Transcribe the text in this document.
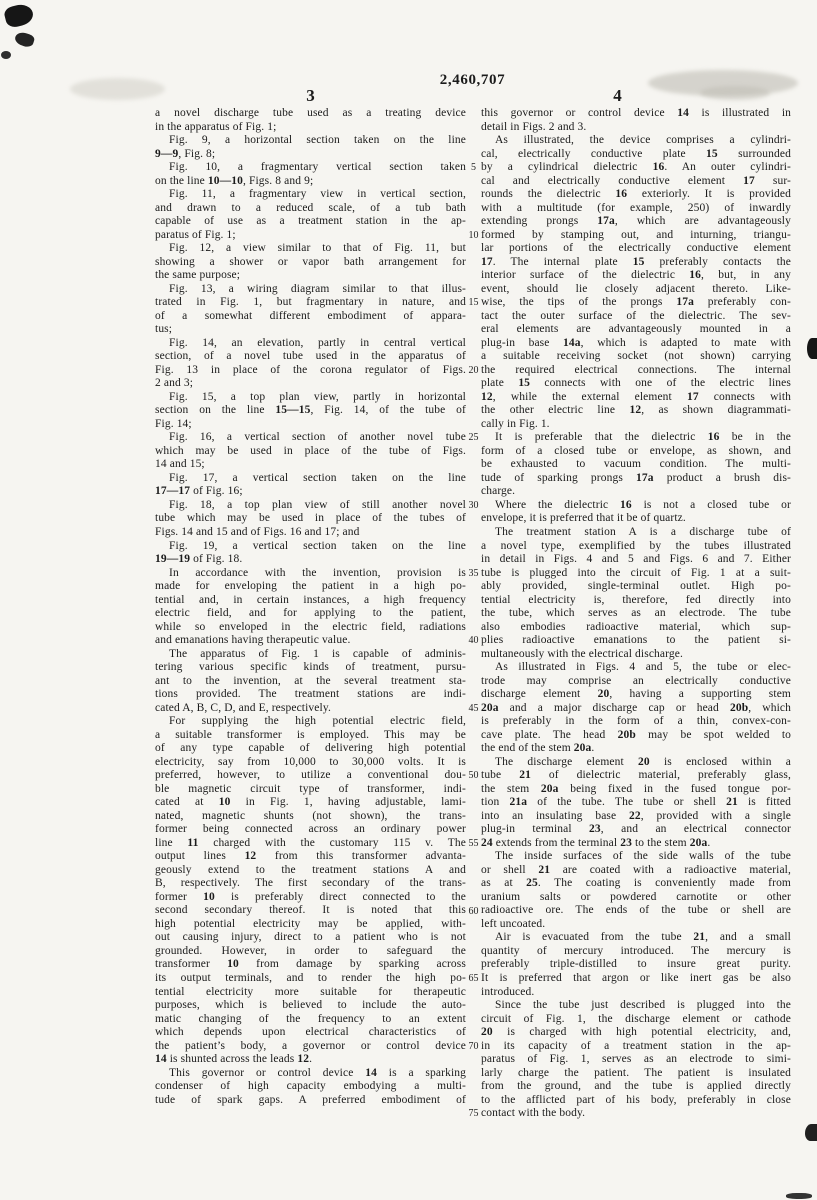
2,460,707
3	4
a novel discharge tube used as a treating device
in the apparatus of Fig. 1;
Fig. 9, a horizontal section taken on the line
9—9, Fig. 8;
Fig. 10, a fragmentary vertical section taken
on the line 10—10, Figs. 8 and 9;
Fig. 11, a fragmentary view in vertical section,
and drawn to a reduced scale, of a tub bath
capable of use as a treatment station in the ap-
paratus of Fig. 1;
Fig. 12, a view similar to that of Fig. 11, but
showing a shower or vapor bath arrangement for
the same purpose;
Fig. 13, a wiring diagram similar to that illus-
trated in Fig. 1, but fragmentary in nature, and
of a somewhat different embodiment of appara-
tus;
Fig. 14, an elevation, partly in central vertical
section, of a novel tube used in the apparatus of
Fig. 13 in place of the corona regulator of Figs.
2 and 3;
Fig. 15, a top plan view, partly in horizontal
section on the line 15—15, Fig. 14, of the tube of
Fig. 14;
Fig. 16, a vertical section of another novel tube
which may be used in place of the tube of Figs.
14 and 15;
Fig. 17, a vertical section taken on the line
17—17 of Fig. 16;
Fig. 18, a top plan view of still another novel
tube which may be used in place of the tubes of
Figs. 14 and 15 and of Figs. 16 and 17; and
Fig. 19, a vertical section taken on the line
19—19 of Fig. 18.
In accordance with the invention, provision is
made for enveloping the patient in a high po-
tential and, in certain instances, a high frequency
electric field, and for applying to the patient,
while so enveloped in the electric field, radiations
and emanations having therapeutic value.
The apparatus of Fig. 1 is capable of adminis-
tering various specific kinds of treatment, pursu-
ant to the invention, at the several treatment sta-
tions provided. The treatment stations are indi-
cated A, B, C, D, and E, respectively.
For supplying the high potential electric field,
a suitable transformer is employed. This may be
of any type capable of delivering high potential
electricity, say from 10,000 to 30,000 volts. It is
preferred, however, to utilize a conventional dou-
ble magnetic circuit type of transformer, indi-
cated at 10 in Fig. 1, having adjustable, lami-
nated, magnetic shunts (not shown), the trans-
former being connected across an ordinary power
line 11 charged with the customary 115 v. The
output lines 12 from this transformer advanta-
geously extend to the treatment stations A and
B, respectively. The first secondary of the trans-
former 10 is preferably direct connected to the
second secondary thereof. It is noted that this
high potential electricity may be applied, with-
out causing injury, direct to a patient who is not
grounded. However, in order to safeguard the
transformer 10 from damage by sparking across
its output terminals, and to render the high po-
tential electricity more suitable for therapeutic
purposes, which is believed to include the auto-
matic changing of the frequency to an extent
which depends upon electrical characteristics of
the patient’s body, a governor or control device
14 is shunted across the leads 12.
This governor or control device 14 is a sparking
condenser of high capacity embodying a multi-
tude of spark gaps. A preferred embodiment of
5
10
15
20
25
30
35
40
45
50
55
60
65
70
75
this governor or control device 14 is illustrated in
detail in Figs. 2 and 3.
As illustrated, the device comprises a cylindri-
cal, electrically conductive plate 15 surrounded
by a cylindrical dielectric 16. An outer cylindri-
cal and electrically conductive element 17 sur-
rounds the dielectric 16 exteriorly. It is provided
with a multitude (for example, 250) of inwardly
extending prongs 17a, which are advantageously
formed by stamping out, and inturning, triangu-
lar portions of the electrically conductive element
17. The internal plate 15 preferably contacts the
interior surface of the dielectric 16, but, in any
event, should lie closely adjacent thereto. Like-
wise, the tips of the prongs 17a preferably con-
tact the outer surface of the dielectric. The sev-
eral elements are advantageously mounted in a
plug-in base 14a, which is adapted to mate with
a suitable receiving socket (not shown) carrying
the required electrical connections. The internal
plate 15 connects with one of the electric lines
12, while the external element 17 connects with
the other electric line 12, as shown diagrammati-
cally in Fig. 1.
It is preferable that the dielectric 16 be in the
form of a closed tube or envelope, as shown, and
be exhausted to vacuum condition. The multi-
tude of sparking prongs 17a product a brush dis-
charge.
Where the dielectric 16 is not a closed tube or
envelope, it is preferred that it be of quartz.
The treatment station A is a discharge tube of
a novel type, exemplified by the tubes illustrated
in detail in Figs. 4 and 5 and Figs. 6 and 7. Either
tube is plugged into the circuit of Fig. 1 at a suit-
ably provided, single-terminal outlet. High po-
tential electricity is, therefore, fed directly into
the tube, which serves as an electrode. The tube
also embodies radioactive material, which sup-
plies radioactive emanations to the patient si-
multaneously with the electrical discharge.
As illustrated in Figs. 4 and 5, the tube or elec-
trode may comprise an electrically conductive
discharge element 20, having a supporting stem
20a and a major discharge cap or head 20b, which
is preferably in the form of a thin, convex-con-
cave plate. The head 20b may be spot welded to
the end of the stem 20a.
The discharge element 20 is enclosed within a
tube 21 of dielectric material, preferably glass,
the stem 20a being fixed in the fused tongue por-
tion 21a of the tube. The tube or shell 21 is fitted
into an insulating base 22, provided with a single
plug-in terminal 23, and an electrical connector
24 extends from the terminal 23 to the stem 20a.
The inside surfaces of the side walls of the tube
or shell 21 are coated with a radioactive material,
as at 25. The coating is conveniently made from
uranium salts or powdered carnotite or other
radioactive ore. The ends of the tube or shell are
left uncoated.
Air is evacuated from the tube 21, and a small
quantity of mercury introduced. The mercury is
preferably triple-distilled to insure great purity.
It is preferred that argon or like inert gas be also
introduced.
Since the tube just described is plugged into the
circuit of Fig. 1, the discharge element or cathode
20 is charged with high potential electricity, and,
in its capacity of a treatment station in the ap-
paratus of Fig. 1, serves as an electrode to simi-
larly charge the patient. The patient is insulated
from the ground, and the tube is applied directly
to the afflicted part of his body, preferably in close
contact with the body.
